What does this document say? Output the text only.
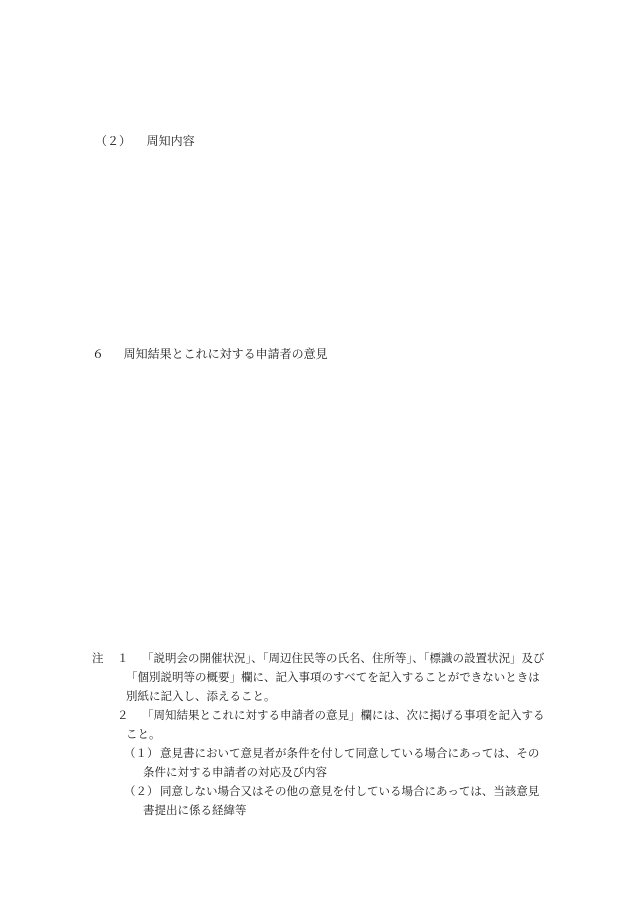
（２） 周知内容
６ 周知結果とこれに対する申請者の意見
注 １ 「説明会の開催状況」、「周辺住民等の氏名、住所等」、「標識の設置状況」及び
「個別説明等の概要」欄に、記入事項のすべてを記入することができないときは
別紙に記入し、添えること。
２ 「周知結果とこれに対する申請者の意見」欄には、次に掲げる事項を記入する
こと。
（１） 意見書において意見者が条件を付して同意している場合にあっては、その
条件に対する申請者の対応及び内容
（２） 同意しない場合又はその他の意見を付している場合にあっては、当該意見
書提出に係る経緯等
